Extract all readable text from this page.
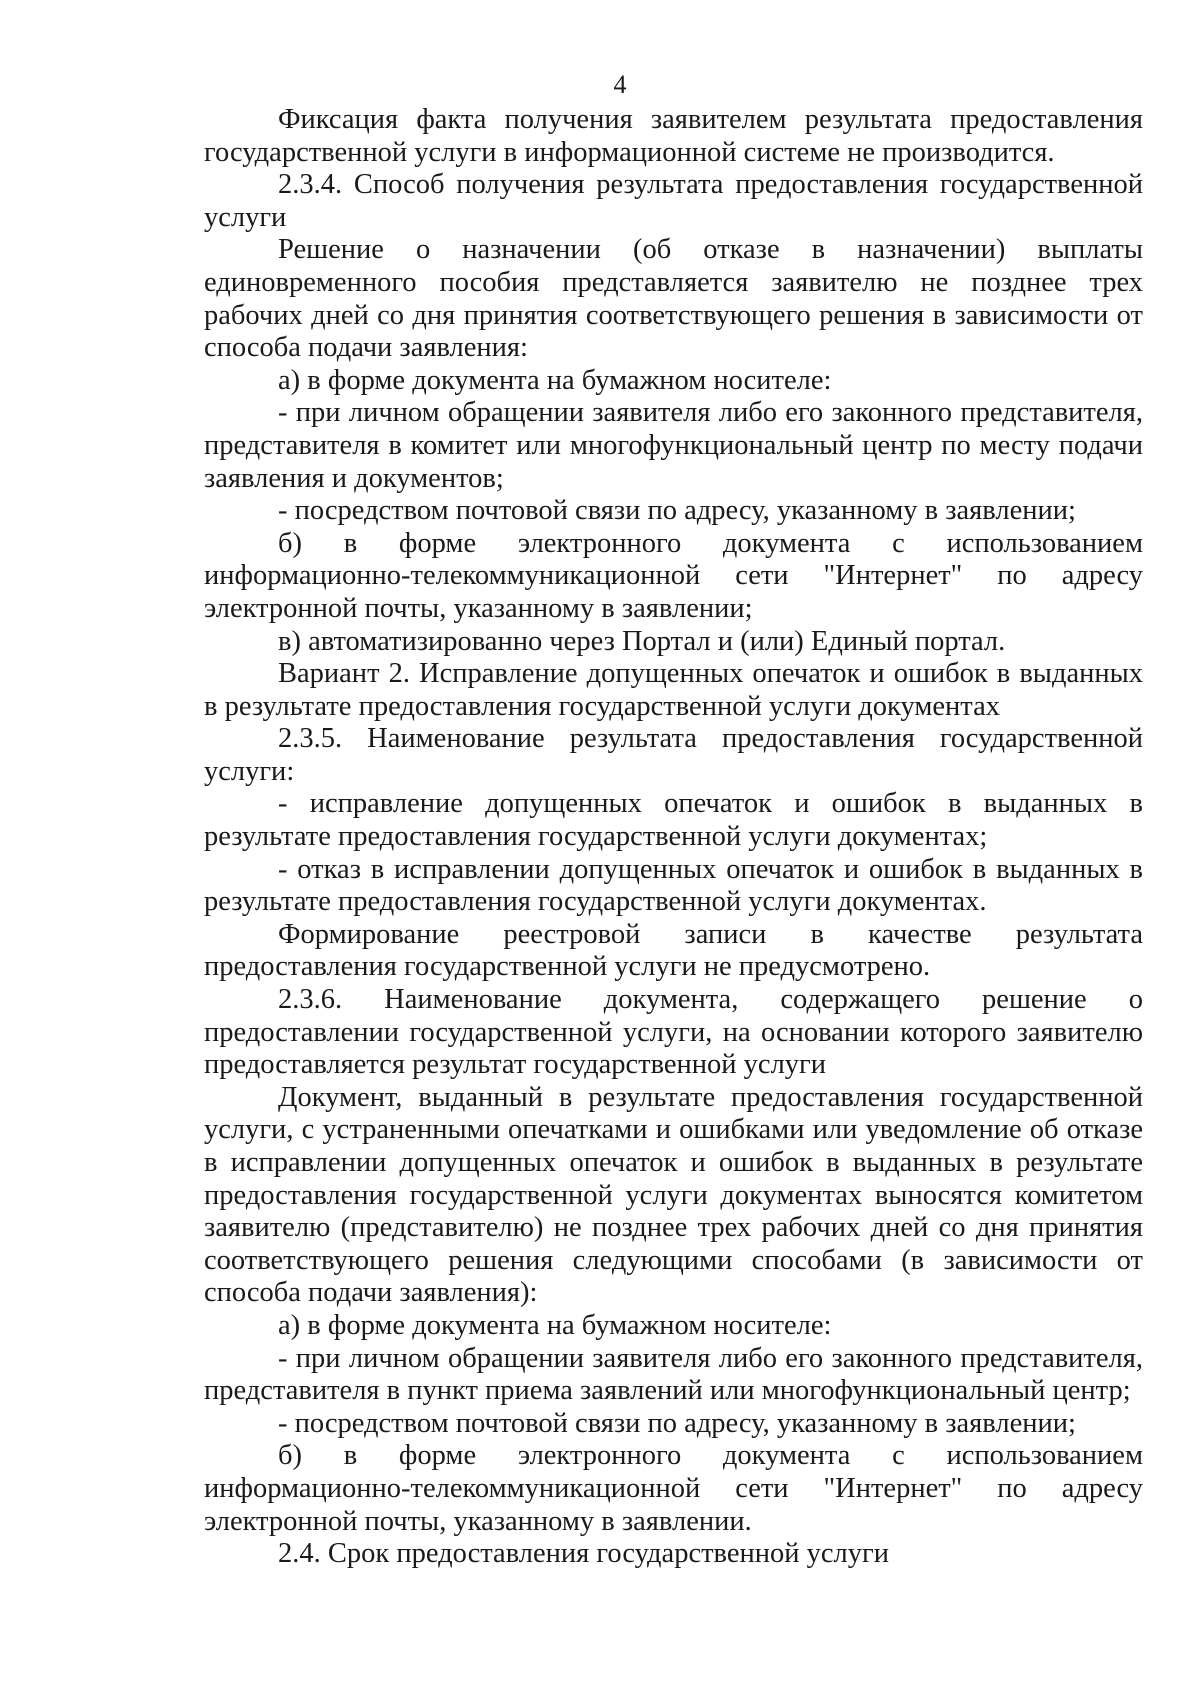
4

Фиксация факта получения заявителем результата предоставления государственной услуги в информационной системе не производится.

2.3.4. Способ получения результата предоставления государственной услуги

Решение о назначении (об отказе в назначении) выплаты единовременного пособия представляется заявителю не позднее трех рабочих дней со дня принятия соответствующего решения в зависимости от способа подачи заявления:

а) в форме документа на бумажном носителе:

- при личном обращении заявителя либо его законного представителя, представителя в комитет или многофункциональный центр по месту подачи заявления и документов;

- посредством почтовой связи по адресу, указанному в заявлении;

б) в форме электронного документа с использованием информационно-телекоммуникационной сети "Интернет" по адресу электронной почты, указанному в заявлении;

в) автоматизированно через Портал и (или) Единый портал.

Вариант 2. Исправление допущенных опечаток и ошибок в выданных в результате предоставления государственной услуги документах

2.3.5. Наименование результата предоставления государственной услуги:

- исправление допущенных опечаток и ошибок в выданных в результате предоставления государственной услуги документах;

- отказ в исправлении допущенных опечаток и ошибок в выданных в результате предоставления государственной услуги документах.

Формирование реестровой записи в качестве результата предоставления государственной услуги не предусмотрено.

2.3.6. Наименование документа, содержащего решение о предоставлении государственной услуги, на основании которого заявителю предоставляется результат государственной услуги

Документ, выданный в результате предоставления государственной услуги, с устраненными опечатками и ошибками или уведомление об отказе в исправлении допущенных опечаток и ошибок в выданных в результате предоставления государственной услуги документах выносятся комитетом заявителю (представителю) не позднее трех рабочих дней со дня принятия соответствующего решения следующими способами (в зависимости от способа подачи заявления):

а) в форме документа на бумажном носителе:

- при личном обращении заявителя либо его законного представителя, представителя в пункт приема заявлений или многофункциональный центр;

- посредством почтовой связи по адресу, указанному в заявлении;

б) в форме электронного документа с использованием информационно-телекоммуникационной сети "Интернет" по адресу электронной почты, указанному в заявлении.

2.4. Срок предоставления государственной услуги
